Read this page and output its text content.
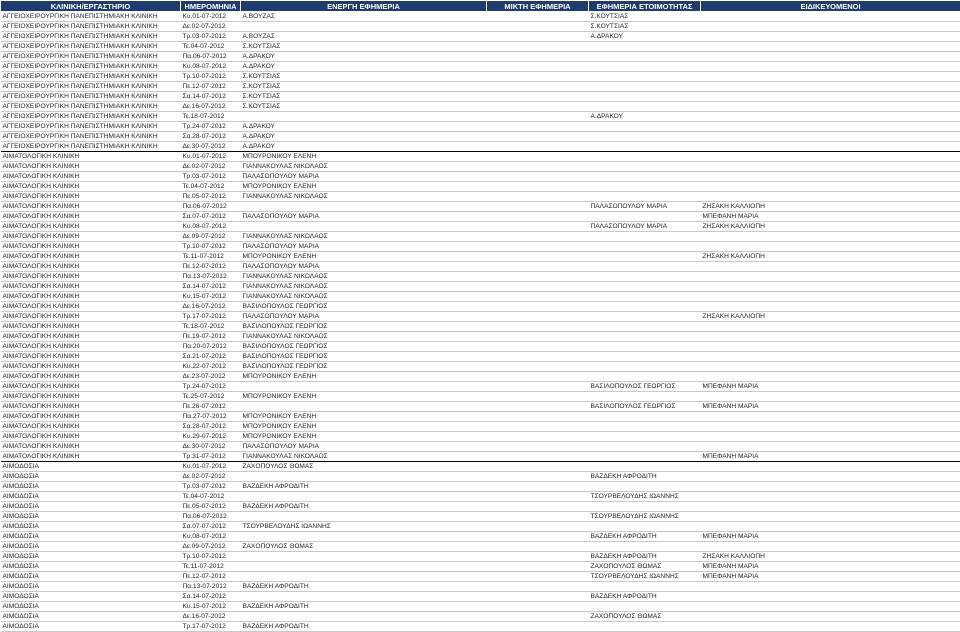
ΚΛΙΝΙΚΗ/ΕΡΓΑΣΤΗΡΙΟ	ΗΜΕΡΟΜΗΝΙΑ	ΕΝΕΡΓΗ ΕΦΗΜΕΡΙΑ	ΜΙΚΤΗ ΕΦΗΜΕΡΙΑ	ΕΦΗΜΕΡΙΑ ΕΤΟΙΜΟΤΗΤΑΣ	ΕΙΔΙΚΕΥΟΜΕΝΟΙ
ΑΓΓΕΙΟΧΕΙΡΟΥΡΓΙΚΗ ΠΑΝΕΠΙΣΤΗΜΙΑΚΗ ΚΛΙΝΙΚΗ	Κυ.01-07-2012	Α.ΒΟΥΖΑΣ		Σ.ΚΟΥΤΣΙΑΣ	
ΑΓΓΕΙΟΧΕΙΡΟΥΡΓΙΚΗ ΠΑΝΕΠΙΣΤΗΜΙΑΚΗ ΚΛΙΝΙΚΗ	Δε.02-07-2012			Σ.ΚΟΥΤΣΙΑΣ	
ΑΓΓΕΙΟΧΕΙΡΟΥΡΓΙΚΗ ΠΑΝΕΠΙΣΤΗΜΙΑΚΗ ΚΛΙΝΙΚΗ	Τρ.03-07-2012	Α.ΒΟΥΖΑΣ		Α.ΔΡΑΚΟΥ	
ΑΓΓΕΙΟΧΕΙΡΟΥΡΓΙΚΗ ΠΑΝΕΠΙΣΤΗΜΙΑΚΗ ΚΛΙΝΙΚΗ	Τε.04-07-2012	Σ.ΚΟΥΤΣΙΑΣ			
ΑΓΓΕΙΟΧΕΙΡΟΥΡΓΙΚΗ ΠΑΝΕΠΙΣΤΗΜΙΑΚΗ ΚΛΙΝΙΚΗ	Πα.06-07-2012	Α.ΔΡΑΚΟΥ			
ΑΓΓΕΙΟΧΕΙΡΟΥΡΓΙΚΗ ΠΑΝΕΠΙΣΤΗΜΙΑΚΗ ΚΛΙΝΙΚΗ	Κυ.08-07-2012	Α.ΔΡΑΚΟΥ			
ΑΓΓΕΙΟΧΕΙΡΟΥΡΓΙΚΗ ΠΑΝΕΠΙΣΤΗΜΙΑΚΗ ΚΛΙΝΙΚΗ	Τρ.10-07-2012	Σ.ΚΟΥΤΣΙΑΣ			
ΑΓΓΕΙΟΧΕΙΡΟΥΡΓΙΚΗ ΠΑΝΕΠΙΣΤΗΜΙΑΚΗ ΚΛΙΝΙΚΗ	Πε.12-07-2012	Σ.ΚΟΥΤΣΙΑΣ			
ΑΓΓΕΙΟΧΕΙΡΟΥΡΓΙΚΗ ΠΑΝΕΠΙΣΤΗΜΙΑΚΗ ΚΛΙΝΙΚΗ	Σα.14-07-2012	Σ.ΚΟΥΤΣΙΑΣ			
ΑΓΓΕΙΟΧΕΙΡΟΥΡΓΙΚΗ ΠΑΝΕΠΙΣΤΗΜΙΑΚΗ ΚΛΙΝΙΚΗ	Δε.16-07-2012	Σ.ΚΟΥΤΣΙΑΣ			
ΑΓΓΕΙΟΧΕΙΡΟΥΡΓΙΚΗ ΠΑΝΕΠΙΣΤΗΜΙΑΚΗ ΚΛΙΝΙΚΗ	Τε.18-07-2012			Α.ΔΡΑΚΟΥ	
ΑΓΓΕΙΟΧΕΙΡΟΥΡΓΙΚΗ ΠΑΝΕΠΙΣΤΗΜΙΑΚΗ ΚΛΙΝΙΚΗ	Τρ.24-07-2012	Α.ΔΡΑΚΟΥ			
ΑΓΓΕΙΟΧΕΙΡΟΥΡΓΙΚΗ ΠΑΝΕΠΙΣΤΗΜΙΑΚΗ ΚΛΙΝΙΚΗ	Σα.28-07-2012	Α.ΔΡΑΚΟΥ			
ΑΓΓΕΙΟΧΕΙΡΟΥΡΓΙΚΗ ΠΑΝΕΠΙΣΤΗΜΙΑΚΗ ΚΛΙΝΙΚΗ	Δε.30-07-2012	Α.ΔΡΑΚΟΥ			
ΑΙΜΑΤΟΛΟΓΙΚΗ ΚΛΙΝΙΚΗ	Κυ.01-07-2012	ΜΠΟΥΡΟΝΙΚΟΥ ΕΛΕΝΗ			
ΑΙΜΑΤΟΛΟΓΙΚΗ ΚΛΙΝΙΚΗ	Δε.02-07-2012	ΓΙΑΝΝΑΚΟΥΛΑΣ ΝΙΚΟΛΑΟΣ			
ΑΙΜΑΤΟΛΟΓΙΚΗ ΚΛΙΝΙΚΗ	Τρ.03-07-2012	ΠΑΛΑΣΟΠΟΥΛΟΥ ΜΑΡΙΑ			
ΑΙΜΑΤΟΛΟΓΙΚΗ ΚΛΙΝΙΚΗ	Τε.04-07-2012	ΜΠΟΥΡΟΝΙΚΟΥ ΕΛΕΝΗ			
ΑΙΜΑΤΟΛΟΓΙΚΗ ΚΛΙΝΙΚΗ	Πε.05-07-2012	ΓΙΑΝΝΑΚΟΥΛΑΣ ΝΙΚΟΛΑΟΣ			
ΑΙΜΑΤΟΛΟΓΙΚΗ ΚΛΙΝΙΚΗ	Πα.06-07-2012			ΠΑΛΑΣΟΠΟΥΛΟΥ ΜΑΡΙΑ	ΖΗΣΑΚΗ ΚΑΛΛΙΟΠΗ
ΑΙΜΑΤΟΛΟΓΙΚΗ ΚΛΙΝΙΚΗ	Σα.07-07-2012	ΠΑΛΑΣΟΠΟΥΛΟΥ ΜΑΡΙΑ			ΜΠΕΦΑΝΗ ΜΑΡΙΑ
ΑΙΜΑΤΟΛΟΓΙΚΗ ΚΛΙΝΙΚΗ	Κυ.08-07-2012			ΠΑΛΑΣΟΠΟΥΛΟΥ ΜΑΡΙΑ	ΖΗΣΑΚΗ ΚΑΛΛΙΟΠΗ
ΑΙΜΑΤΟΛΟΓΙΚΗ ΚΛΙΝΙΚΗ	Δε.09-07-2012	ΓΙΑΝΝΑΚΟΥΛΑΣ ΝΙΚΟΛΑΟΣ			
ΑΙΜΑΤΟΛΟΓΙΚΗ ΚΛΙΝΙΚΗ	Τρ.10-07-2012	ΠΑΛΑΣΟΠΟΥΛΟΥ ΜΑΡΙΑ			
ΑΙΜΑΤΟΛΟΓΙΚΗ ΚΛΙΝΙΚΗ	Τε.11-07-2012	ΜΠΟΥΡΟΝΙΚΟΥ ΕΛΕΝΗ			ΖΗΣΑΚΗ ΚΑΛΛΙΟΠΗ
ΑΙΜΑΤΟΛΟΓΙΚΗ ΚΛΙΝΙΚΗ	Πε.12-07-2012	ΠΑΛΑΣΟΠΟΥΛΟΥ ΜΑΡΙΑ			
ΑΙΜΑΤΟΛΟΓΙΚΗ ΚΛΙΝΙΚΗ	Πα.13-07-2012	ΓΙΑΝΝΑΚΟΥΛΑΣ ΝΙΚΟΛΑΟΣ			
ΑΙΜΑΤΟΛΟΓΙΚΗ ΚΛΙΝΙΚΗ	Σα.14-07-2012	ΓΙΑΝΝΑΚΟΥΛΑΣ ΝΙΚΟΛΑΟΣ			
ΑΙΜΑΤΟΛΟΓΙΚΗ ΚΛΙΝΙΚΗ	Κυ.15-07-2012	ΓΙΑΝΝΑΚΟΥΛΑΣ ΝΙΚΟΛΑΟΣ			
ΑΙΜΑΤΟΛΟΓΙΚΗ ΚΛΙΝΙΚΗ	Δε.16-07-2012	ΒΑΣΙΛΟΠΟΥΛΟΣ ΓΕΩΡΓΙΟΣ			
ΑΙΜΑΤΟΛΟΓΙΚΗ ΚΛΙΝΙΚΗ	Τρ.17-07-2012	ΠΑΛΑΣΟΠΟΥΛΟΥ ΜΑΡΙΑ			ΖΗΣΑΚΗ ΚΑΛΛΙΟΠΗ
ΑΙΜΑΤΟΛΟΓΙΚΗ ΚΛΙΝΙΚΗ	Τε.18-07-2012	ΒΑΣΙΛΟΠΟΥΛΟΣ ΓΕΩΡΓΙΟΣ			
ΑΙΜΑΤΟΛΟΓΙΚΗ ΚΛΙΝΙΚΗ	Πε.19-07-2012	ΓΙΑΝΝΑΚΟΥΛΑΣ ΝΙΚΟΛΑΟΣ			
ΑΙΜΑΤΟΛΟΓΙΚΗ ΚΛΙΝΙΚΗ	Πα.20-07-2012	ΒΑΣΙΛΟΠΟΥΛΟΣ ΓΕΩΡΓΙΟΣ			
ΑΙΜΑΤΟΛΟΓΙΚΗ ΚΛΙΝΙΚΗ	Σα.21-07-2012	ΒΑΣΙΛΟΠΟΥΛΟΣ ΓΕΩΡΓΙΟΣ			
ΑΙΜΑΤΟΛΟΓΙΚΗ ΚΛΙΝΙΚΗ	Κυ.22-07-2012	ΒΑΣΙΛΟΠΟΥΛΟΣ ΓΕΩΡΓΙΟΣ			
ΑΙΜΑΤΟΛΟΓΙΚΗ ΚΛΙΝΙΚΗ	Δε.23-07-2012	ΜΠΟΥΡΟΝΙΚΟΥ ΕΛΕΝΗ			
ΑΙΜΑΤΟΛΟΓΙΚΗ ΚΛΙΝΙΚΗ	Τρ.24-07-2012			ΒΑΣΙΛΟΠΟΥΛΟΣ ΓΕΩΡΓΙΟΣ	ΜΠΕΦΑΝΗ ΜΑΡΙΑ
ΑΙΜΑΤΟΛΟΓΙΚΗ ΚΛΙΝΙΚΗ	Τε.25-07-2012	ΜΠΟΥΡΟΝΙΚΟΥ ΕΛΕΝΗ			
ΑΙΜΑΤΟΛΟΓΙΚΗ ΚΛΙΝΙΚΗ	Πε.26-07-2012			ΒΑΣΙΛΟΠΟΥΛΟΣ ΓΕΩΡΓΙΟΣ	ΜΠΕΦΑΝΗ ΜΑΡΙΑ
ΑΙΜΑΤΟΛΟΓΙΚΗ ΚΛΙΝΙΚΗ	Πα.27-07-2012	ΜΠΟΥΡΟΝΙΚΟΥ ΕΛΕΝΗ			
ΑΙΜΑΤΟΛΟΓΙΚΗ ΚΛΙΝΙΚΗ	Σα.28-07-2012	ΜΠΟΥΡΟΝΙΚΟΥ ΕΛΕΝΗ			
ΑΙΜΑΤΟΛΟΓΙΚΗ ΚΛΙΝΙΚΗ	Κυ.29-07-2012	ΜΠΟΥΡΟΝΙΚΟΥ ΕΛΕΝΗ			
ΑΙΜΑΤΟΛΟΓΙΚΗ ΚΛΙΝΙΚΗ	Δε.30-07-2012	ΠΑΛΑΣΟΠΟΥΛΟΥ ΜΑΡΙΑ			
ΑΙΜΑΤΟΛΟΓΙΚΗ ΚΛΙΝΙΚΗ	Τρ.31-07-2012	ΓΙΑΝΝΑΚΟΥΛΑΣ ΝΙΚΟΛΑΟΣ			ΜΠΕΦΑΝΗ ΜΑΡΙΑ
ΑΙΜΟΔΟΣΙΑ	Κυ.01-07-2012	ΖΑΧΟΠΟΥΛΟΣ ΘΩΜΑΣ			
ΑΙΜΟΔΟΣΙΑ	Δε.02-07-2012			ΒΑΖΔΕΚΗ ΑΦΡΟΔΙΤΗ	
ΑΙΜΟΔΟΣΙΑ	Τρ.03-07-2012	ΒΑΖΔΕΚΗ ΑΦΡΟΔΙΤΗ			
ΑΙΜΟΔΟΣΙΑ	Τε.04-07-2012			ΤΣΟΥΡΒΕΛΟΥΔΗΣ ΙΩΑΝΝΗΣ	
ΑΙΜΟΔΟΣΙΑ	Πε.05-07-2012	ΒΑΖΔΕΚΗ ΑΦΡΟΔΙΤΗ			
ΑΙΜΟΔΟΣΙΑ	Πα.06-07-2012			ΤΣΟΥΡΒΕΛΟΥΔΗΣ ΙΩΑΝΝΗΣ	
ΑΙΜΟΔΟΣΙΑ	Σα.07-07-2012	ΤΣΟΥΡΒΕΛΟΥΔΗΣ ΙΩΑΝΝΗΣ			
ΑΙΜΟΔΟΣΙΑ	Κυ.08-07-2012			ΒΑΖΔΕΚΗ ΑΦΡΟΔΙΤΗ	ΜΠΕΦΑΝΗ ΜΑΡΙΑ
ΑΙΜΟΔΟΣΙΑ	Δε.09-07-2012	ΖΑΧΟΠΟΥΛΟΣ ΘΩΜΑΣ			
ΑΙΜΟΔΟΣΙΑ	Τρ.10-07-2012			ΒΑΖΔΕΚΗ ΑΦΡΟΔΙΤΗ	ΖΗΣΑΚΗ ΚΑΛΛΙΟΠΗ
ΑΙΜΟΔΟΣΙΑ	Τε.11-07-2012			ΖΑΧΟΠΟΥΛΟΣ ΘΩΜΑΣ	ΜΠΕΦΑΝΗ ΜΑΡΙΑ
ΑΙΜΟΔΟΣΙΑ	Πε.12-07-2012			ΤΣΟΥΡΒΕΛΟΥΔΗΣ ΙΩΑΝΝΗΣ	ΜΠΕΦΑΝΗ ΜΑΡΙΑ
ΑΙΜΟΔΟΣΙΑ	Πα.13-07-2012	ΒΑΖΔΕΚΗ ΑΦΡΟΔΙΤΗ			
ΑΙΜΟΔΟΣΙΑ	Σα.14-07-2012			ΒΑΖΔΕΚΗ ΑΦΡΟΔΙΤΗ	
ΑΙΜΟΔΟΣΙΑ	Κυ.15-07-2012	ΒΑΖΔΕΚΗ ΑΦΡΟΔΙΤΗ			
ΑΙΜΟΔΟΣΙΑ	Δε.16-07-2012			ΖΑΧΟΠΟΥΛΟΣ ΘΩΜΑΣ	
ΑΙΜΟΔΟΣΙΑ	Τρ.17-07-2012	ΒΑΖΔΕΚΗ ΑΦΡΟΔΙΤΗ			
